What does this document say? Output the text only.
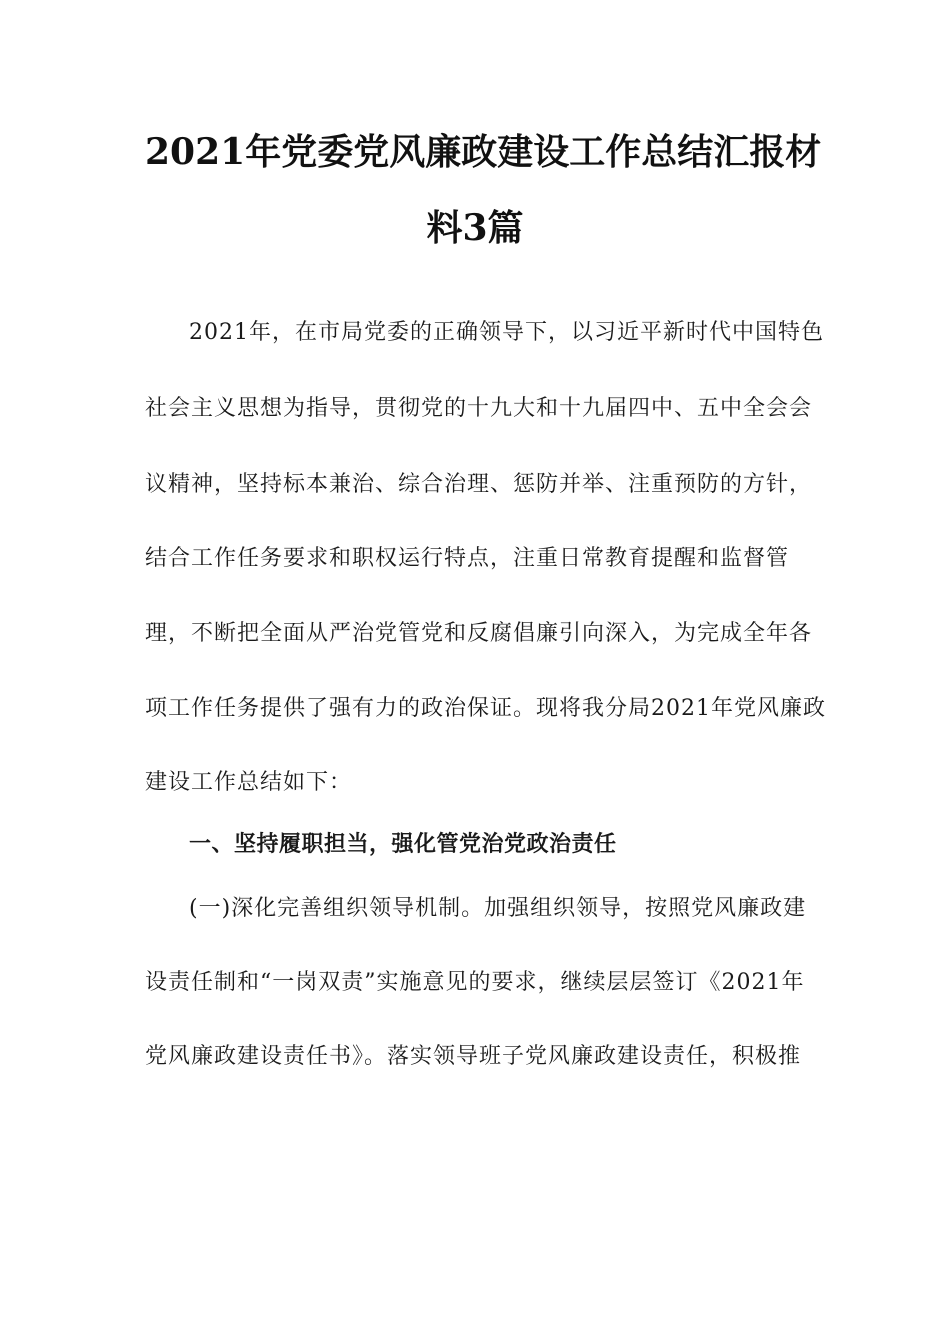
2021年党委党风廉政建设工作总结汇报材
料3篇
2021年，在市局党委的正确领导下，以习近平新时代中国特色
社会主义思想为指导，贯彻党的十九大和十九届四中、五中全会会
议精神，坚持标本兼治、综合治理、惩防并举、注重预防的方针，
结合工作任务要求和职权运行特点，注重日常教育提醒和监督管
理，不断把全面从严治党管党和反腐倡廉引向深入，为完成全年各
项工作任务提供了强有力的政治保证。现将我分局2021年党风廉政
建设工作总结如下：
一、坚持履职担当，强化管党治党政治责任
(一)深化完善组织领导机制。加强组织领导，按照党风廉政建
设责任制和“一岗双责”实施意见的要求，继续层层签订《2021年
党风廉政建设责任书》。落实领导班子党风廉政建设责任，积极推
